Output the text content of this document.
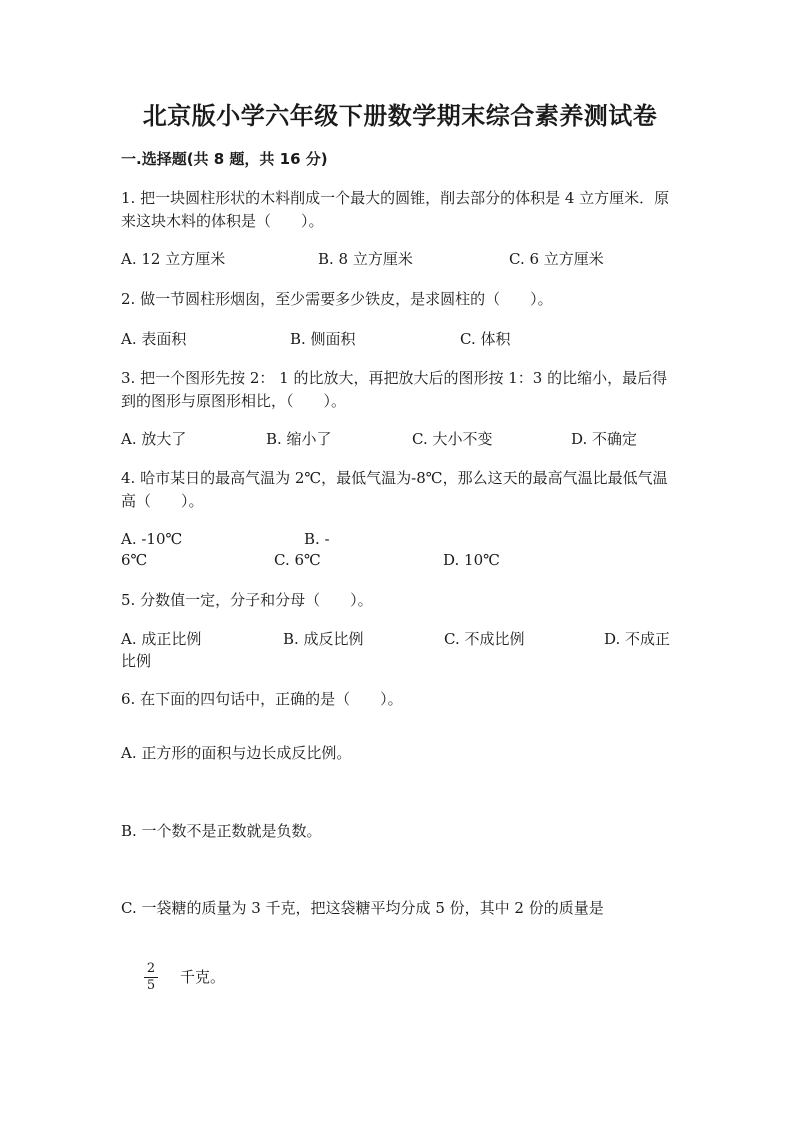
北京版小学六年级下册数学期末综合素养测试卷
一.选择题(共 8 题，共 16 分)
1. 把一块圆柱形状的木料削成一个最大的圆锥，削去部分的体积是 4 立方厘米．原来这块木料的体积是（　　）。
A. 12 立方厘米	B. 8 立方厘米	C. 6 立方厘米
2. 做一节圆柱形烟囱，至少需要多少铁皮，是求圆柱的（　　）。
A. 表面积	B. 侧面积	C. 体积
3. 把一个图形先按 2： 1 的比放大，再把放大后的图形按 1：3 的比缩小，最后得到的图形与原图形相比，（　　）。
A. 放大了	B. 缩小了	C. 大小不变	D. 不确定
4. 哈市某日的最高气温为 2℃，最低气温为-8℃，那么这天的最高气温比最低气温高（　　）。
A. -10℃	B. -
6℃	C. 6℃	D. 10℃
5. 分数值一定，分子和分母（　　）。
A. 成正比例	B. 成反比例	C. 不成比例	D. 不成正
比例
6. 在下面的四句话中，正确的是（　　）。
A. 正方形的面积与边长成反比例。
B. 一个数不是正数就是负数。
C. 一袋糖的质量为 3 千克，把这袋糖平均分成 5 份，其中 2 份的质量是
2
5 千克。
